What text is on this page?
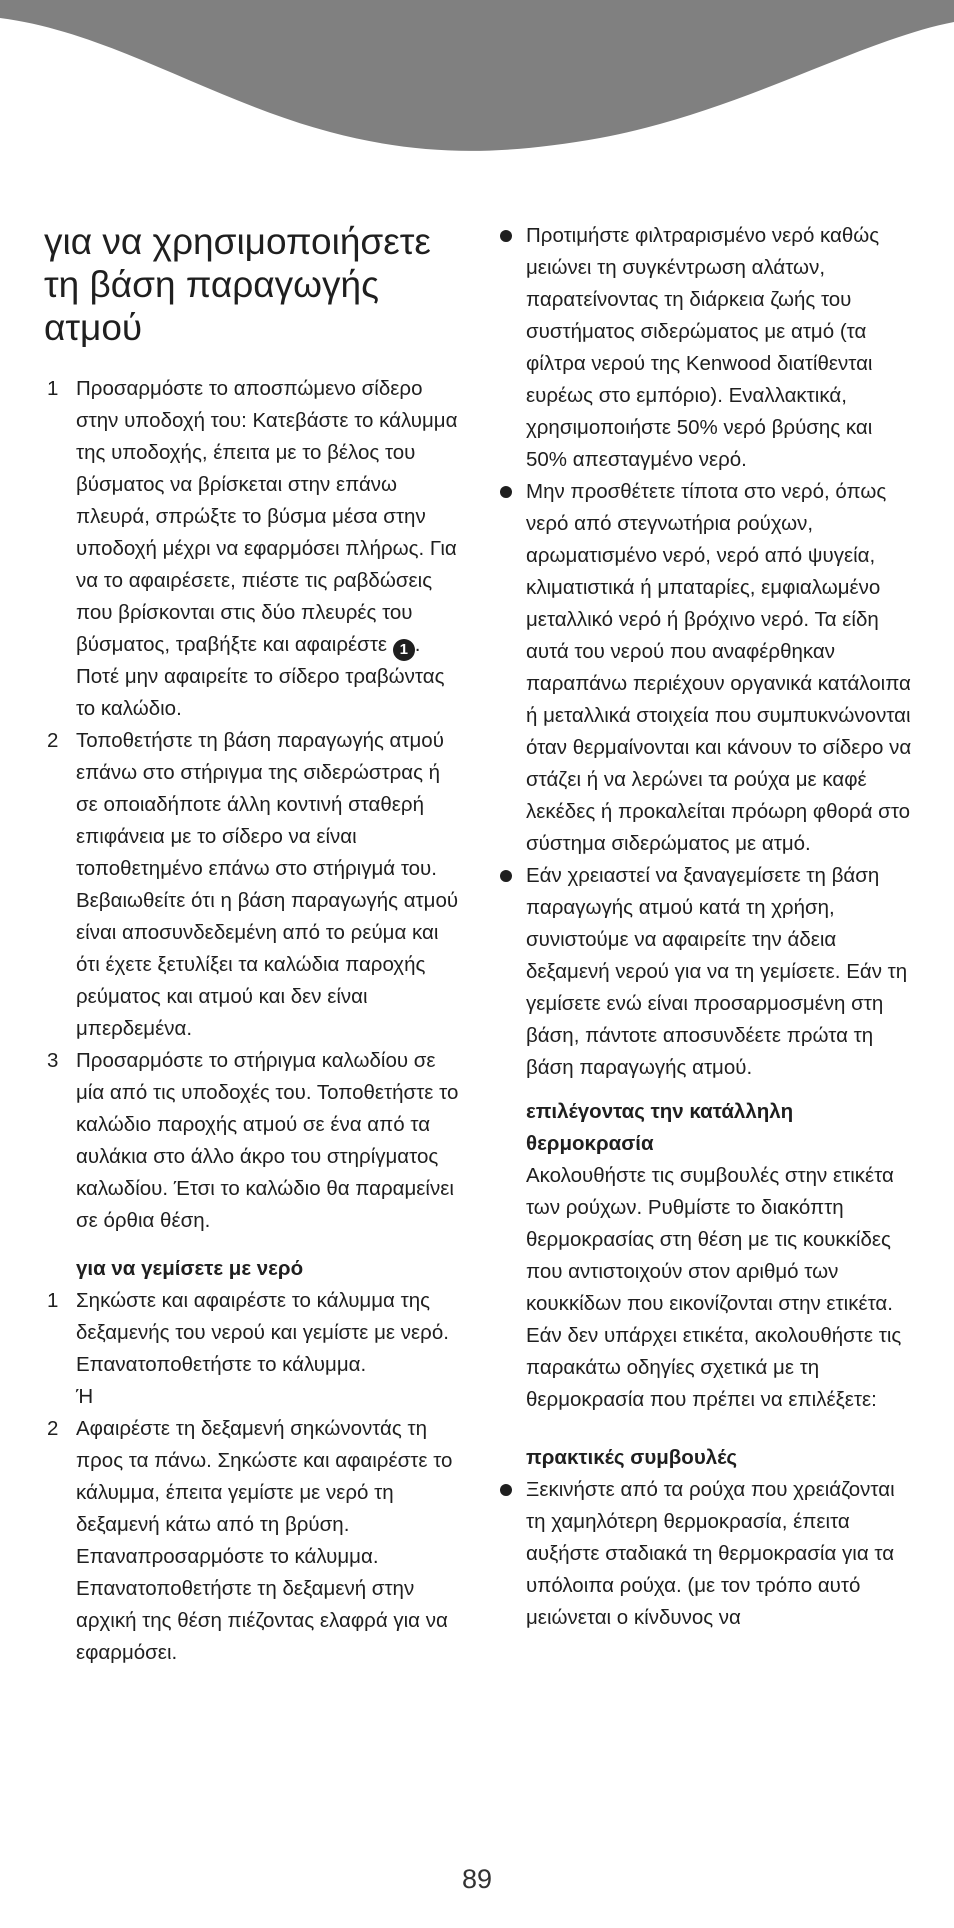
για να χρησιμοποιήσετε τη βάση παραγωγής ατμού
1 Προσαρμόστε το αποσπώμενο σίδερο στην υποδοχή του: Κατεβάστε το κάλυμμα της υποδοχής, έπειτα με το βέλος του βύσματος να βρίσκεται στην επάνω πλευρά, σπρώξτε το βύσμα μέσα στην υποδοχή μέχρι να εφαρμόσει πλήρως. Για να το αφαιρέσετε, πιέστε τις ραβδώσεις που βρίσκονται στις δύο πλευρές του βύσματος, τραβήξτε και αφαιρέστε 1 . Ποτέ μην αφαιρείτε το σίδερο τραβώντας το καλώδιο.
2 Τοποθετήστε τη βάση παραγωγής ατμού επάνω στο στήριγμα της σιδερώστρας ή σε οποιαδήποτε άλλη κοντινή σταθερή επιφάνεια με το σίδερο να είναι τοποθετημένο επάνω στο στήριγμά του. Βεβαιωθείτε ότι η βάση παραγωγής ατμού είναι αποσυνδεδεμένη από το ρεύμα και ότι έχετε ξετυλίξει τα καλώδια παροχής ρεύματος και ατμού και δεν είναι μπερδεμένα.
3 Προσαρμόστε το στήριγμα καλωδίου σε μία από τις υποδοχές του. Τοποθετήστε το καλώδιο παροχής ατμού σε ένα από τα αυλάκια στο άλλο άκρο του στηρίγματος καλωδίου. Έτσι το καλώδιο θα παραμείνει σε όρθια θέση.
για να γεμίσετε με νερό
1 Σηκώστε και αφαιρέστε το κάλυμμα της δεξαμενής του νερού και γεμίστε με νερό. Επανατοποθετήστε το κάλυμμα.
Ή
2 Αφαιρέστε τη δεξαμενή σηκώνοντάς τη προς τα πάνω. Σηκώστε και αφαιρέστε το κάλυμμα, έπειτα γεμίστε με νερό τη δεξαμενή κάτω από τη βρύση. Επαναπροσαρμόστε το κάλυμμα. Επανατοποθετήστε τη δεξαμενή στην αρχική της θέση πιέζοντας ελαφρά για να εφαρμόσει.
Προτιμήστε φιλτραρισμένο νερό καθώς μειώνει τη συγκέντρωση αλάτων, παρατείνοντας τη διάρκεια ζωής του συστήματος σιδερώματος με ατμό (τα φίλτρα νερού της Kenwood διατίθενται ευρέως στο εμπόριο). Εναλλακτικά, χρησιμοποιήστε 50% νερό βρύσης και 50% απεσταγμένο νερό.
Μην προσθέτετε τίποτα στο νερό, όπως νερό από στεγνωτήρια ρούχων, αρωματισμένο νερό, νερό από ψυγεία, κλιματιστικά ή μπαταρίες, εμφιαλωμένο μεταλλικό νερό ή βρόχινο νερό. Τα είδη αυτά του νερού που αναφέρθηκαν παραπάνω περιέχουν οργανικά κατάλοιπα ή μεταλλικά στοιχεία που συμπυκνώνονται όταν θερμαίνονται και κάνουν το σίδερο να στάζει ή να λερώνει τα ρούχα με καφέ λεκέδες ή προκαλείται πρόωρη φθορά στο σύστημα σιδερώματος με ατμό.
Εάν χρειαστεί να ξαναγεμίσετε τη βάση παραγωγής ατμού κατά τη χρήση, συνιστούμε να αφαιρείτε την άδεια δεξαμενή νερού για να τη γεμίσετε. Εάν τη γεμίσετε ενώ είναι προσαρμοσμένη στη βάση, πάντοτε αποσυνδέετε πρώτα τη βάση παραγωγής ατμού.
επιλέγοντας την κατάλληλη θερμοκρασία
Ακολουθήστε τις συμβουλές στην ετικέτα των ρούχων. Ρυθμίστε το διακόπτη θερμοκρασίας στη θέση με τις κουκκίδες που αντιστοιχούν στον αριθμό των κουκκίδων που εικονίζονται στην ετικέτα. Εάν δεν υπάρχει ετικέτα, ακολουθήστε τις παρακάτω οδηγίες σχετικά με τη θερμοκρασία που πρέπει να επιλέξετε:
πρακτικές συμβουλές
Ξεκινήστε από τα ρούχα που χρειάζονται τη χαμηλότερη θερμοκρασία, έπειτα αυξήστε σταδιακά τη θερμοκρασία για τα υπόλοιπα ρούχα. (με τον τρόπο αυτό μειώνεται ο κίνδυνος να
89
